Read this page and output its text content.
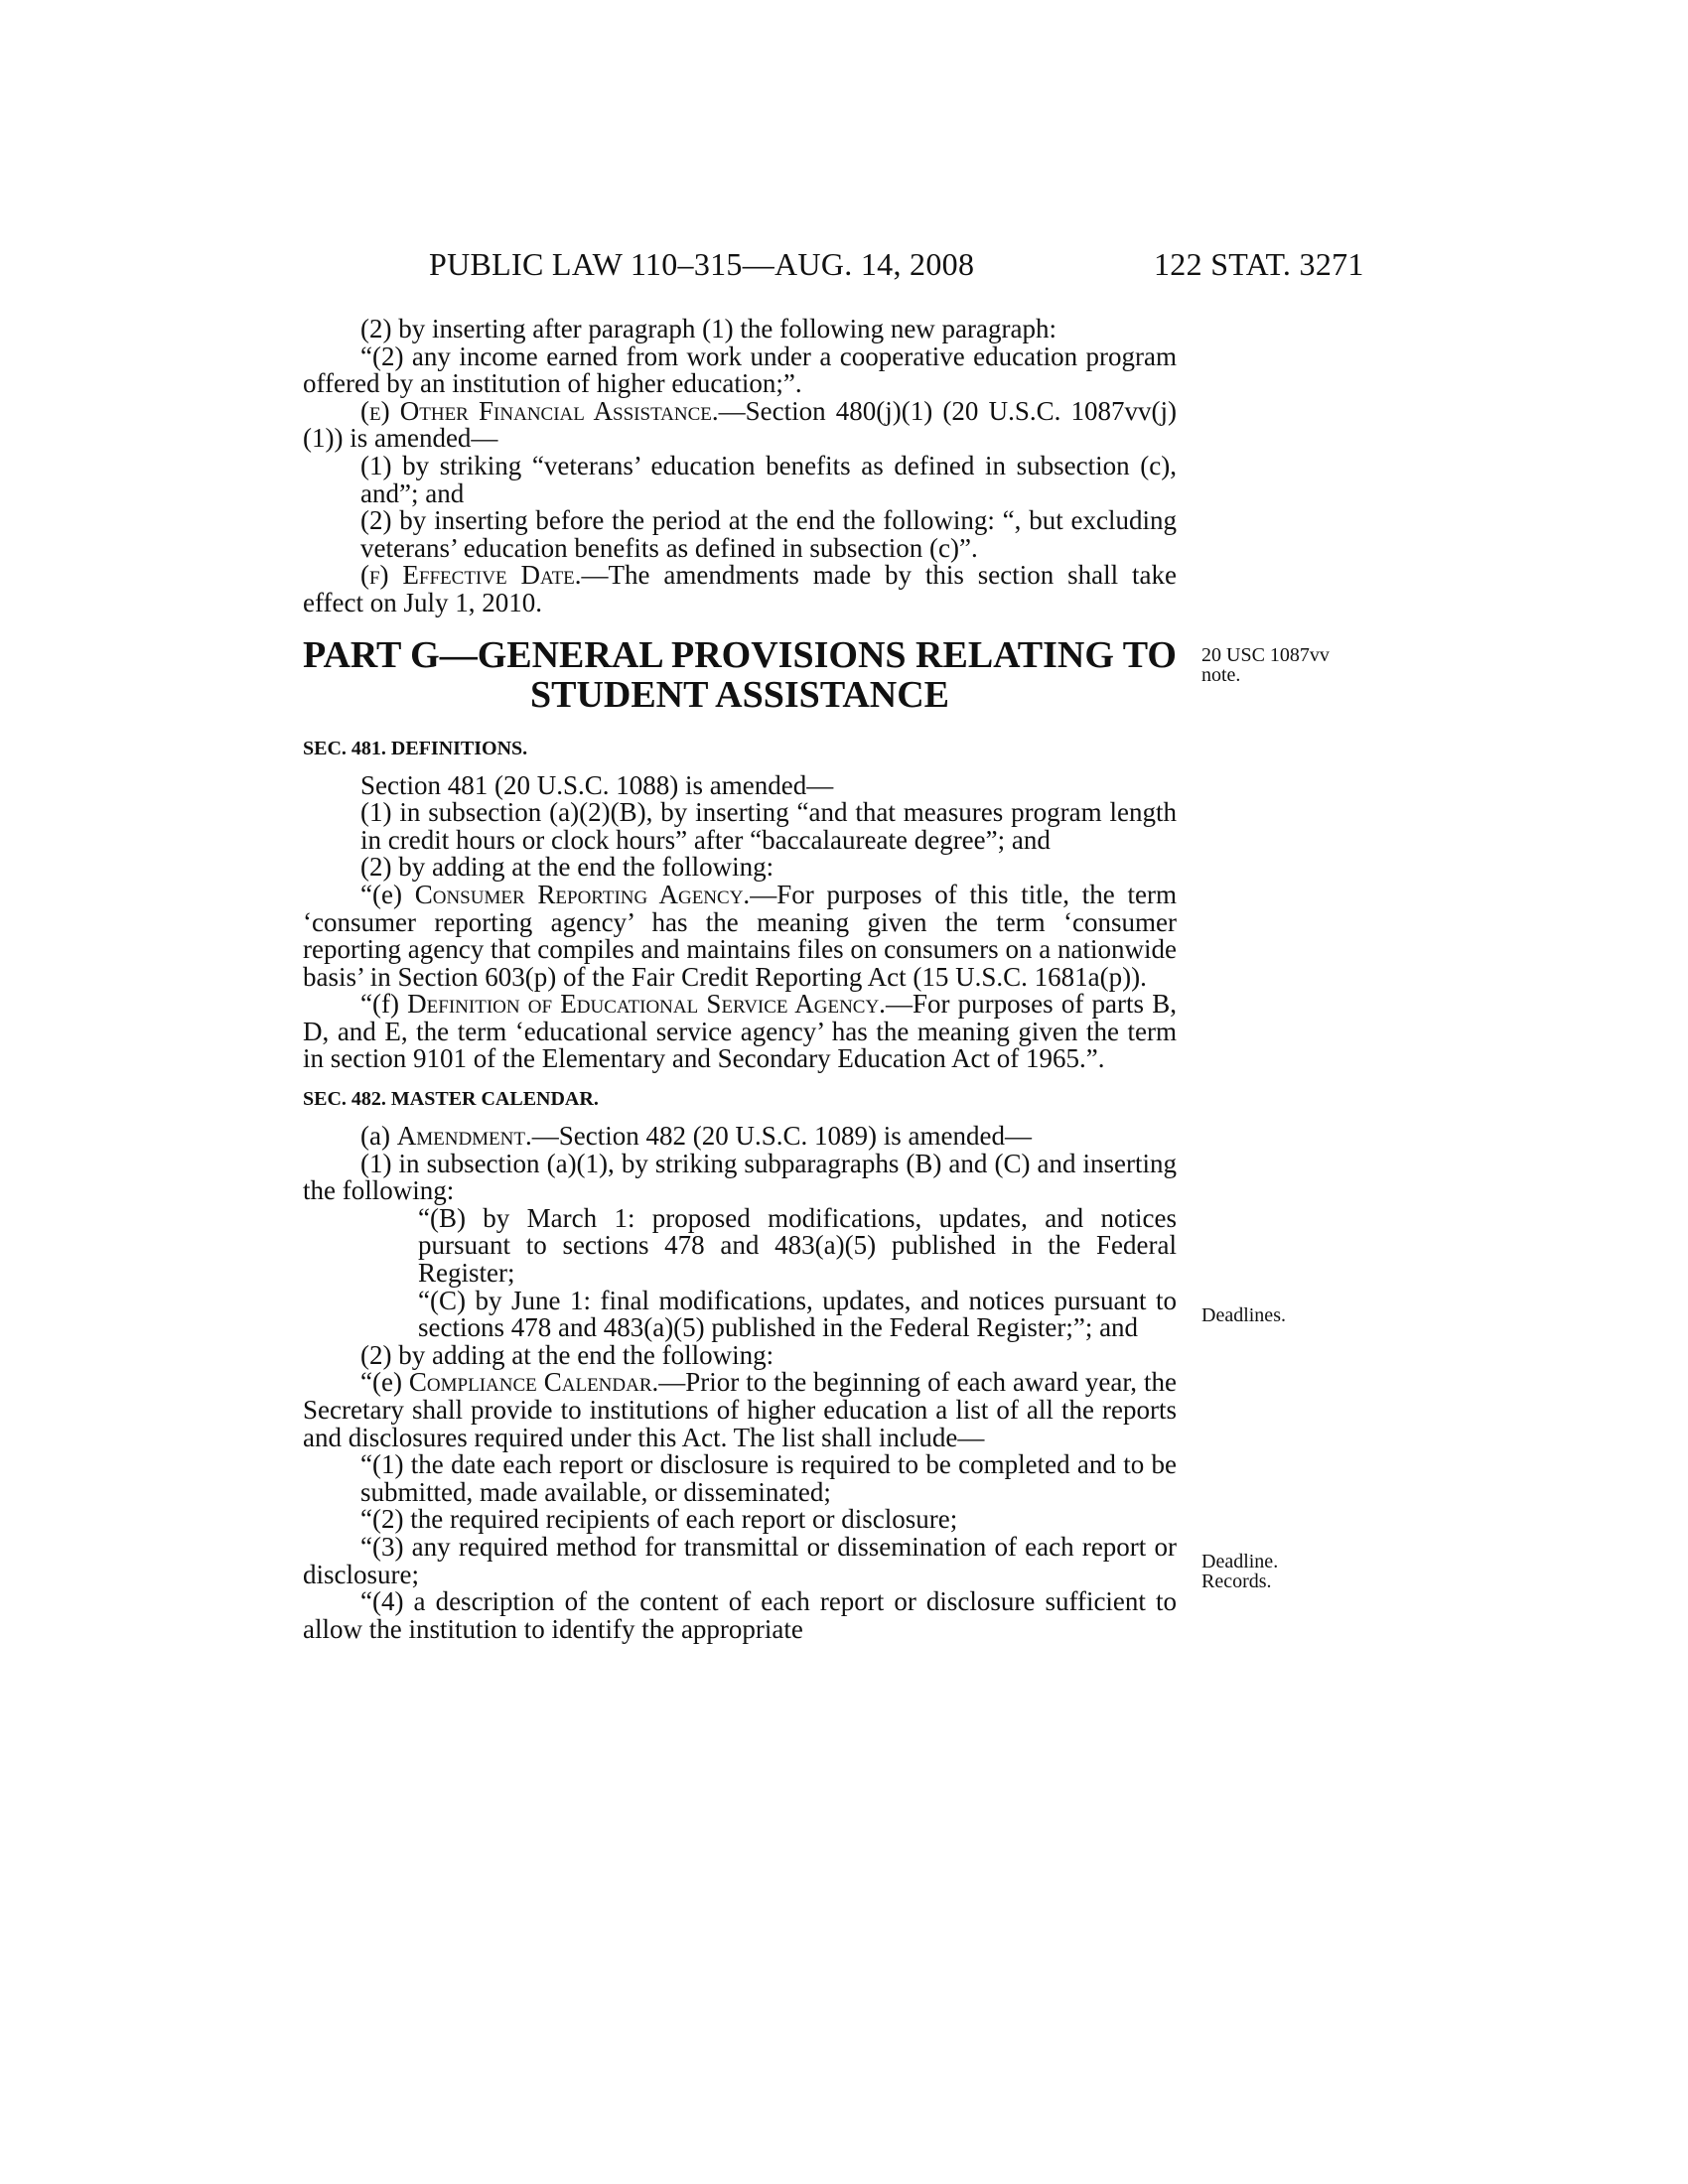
PUBLIC LAW 110–315—AUG. 14, 2008	122 STAT. 3271

(2) by inserting after paragraph (1) the following new paragraph:

“(2) any income earned from work under a cooperative education program offered by an institution of higher education;”.

(e) Other Financial Assistance.—Section 480(j)(1) (20 U.S.C. 1087vv(j)(1)) is amended—

(1) by striking “veterans’ education benefits as defined in subsection (c), and”; and

(2) by inserting before the period at the end the following: “, but excluding veterans’ education benefits as defined in subsection (c)”.

(f) Effective Date.—The amendments made by this section shall take effect on July 1, 2010.

PART G—GENERAL PROVISIONS RELATING TO
STUDENT ASSISTANCE

SEC. 481. DEFINITIONS.

Section 481 (20 U.S.C. 1088) is amended—

(1) in subsection (a)(2)(B), by inserting “and that measures program length in credit hours or clock hours” after “baccalaureate degree”; and

(2) by adding at the end the following:

“(e) Consumer Reporting Agency.—For purposes of this title, the term ‘consumer reporting agency’ has the meaning given the term ‘consumer reporting agency that compiles and maintains files on consumers on a nationwide basis’ in Section 603(p) of the Fair Credit Reporting Act (15 U.S.C. 1681a(p)).

“(f) Definition of Educational Service Agency.—For purposes of parts B, D, and E, the term ‘educational service agency’ has the meaning given the term in section 9101 of the Elementary and Secondary Education Act of 1965.”.

SEC. 482. MASTER CALENDAR.

(a) Amendment.—Section 482 (20 U.S.C. 1089) is amended—

(1) in subsection (a)(1), by striking subparagraphs (B) and (C) and inserting the following:

“(B) by March 1: proposed modifications, updates, and notices pursuant to sections 478 and 483(a)(5) published in the Federal Register;

“(C) by June 1: final modifications, updates, and notices pursuant to sections 478 and 483(a)(5) published in the Federal Register;”; and

(2) by adding at the end the following:

“(e) Compliance Calendar.—Prior to the beginning of each award year, the Secretary shall provide to institutions of higher education a list of all the reports and disclosures required under this Act. The list shall include—

“(1) the date each report or disclosure is required to be completed and to be submitted, made available, or disseminated;

“(2) the required recipients of each report or disclosure;

“(3) any required method for transmittal or dissemination of each report or disclosure;

“(4) a description of the content of each report or disclosure sufficient to allow the institution to identify the appropriate

20 USC 1087vv
note.
Deadlines.
Deadline.
Records.
